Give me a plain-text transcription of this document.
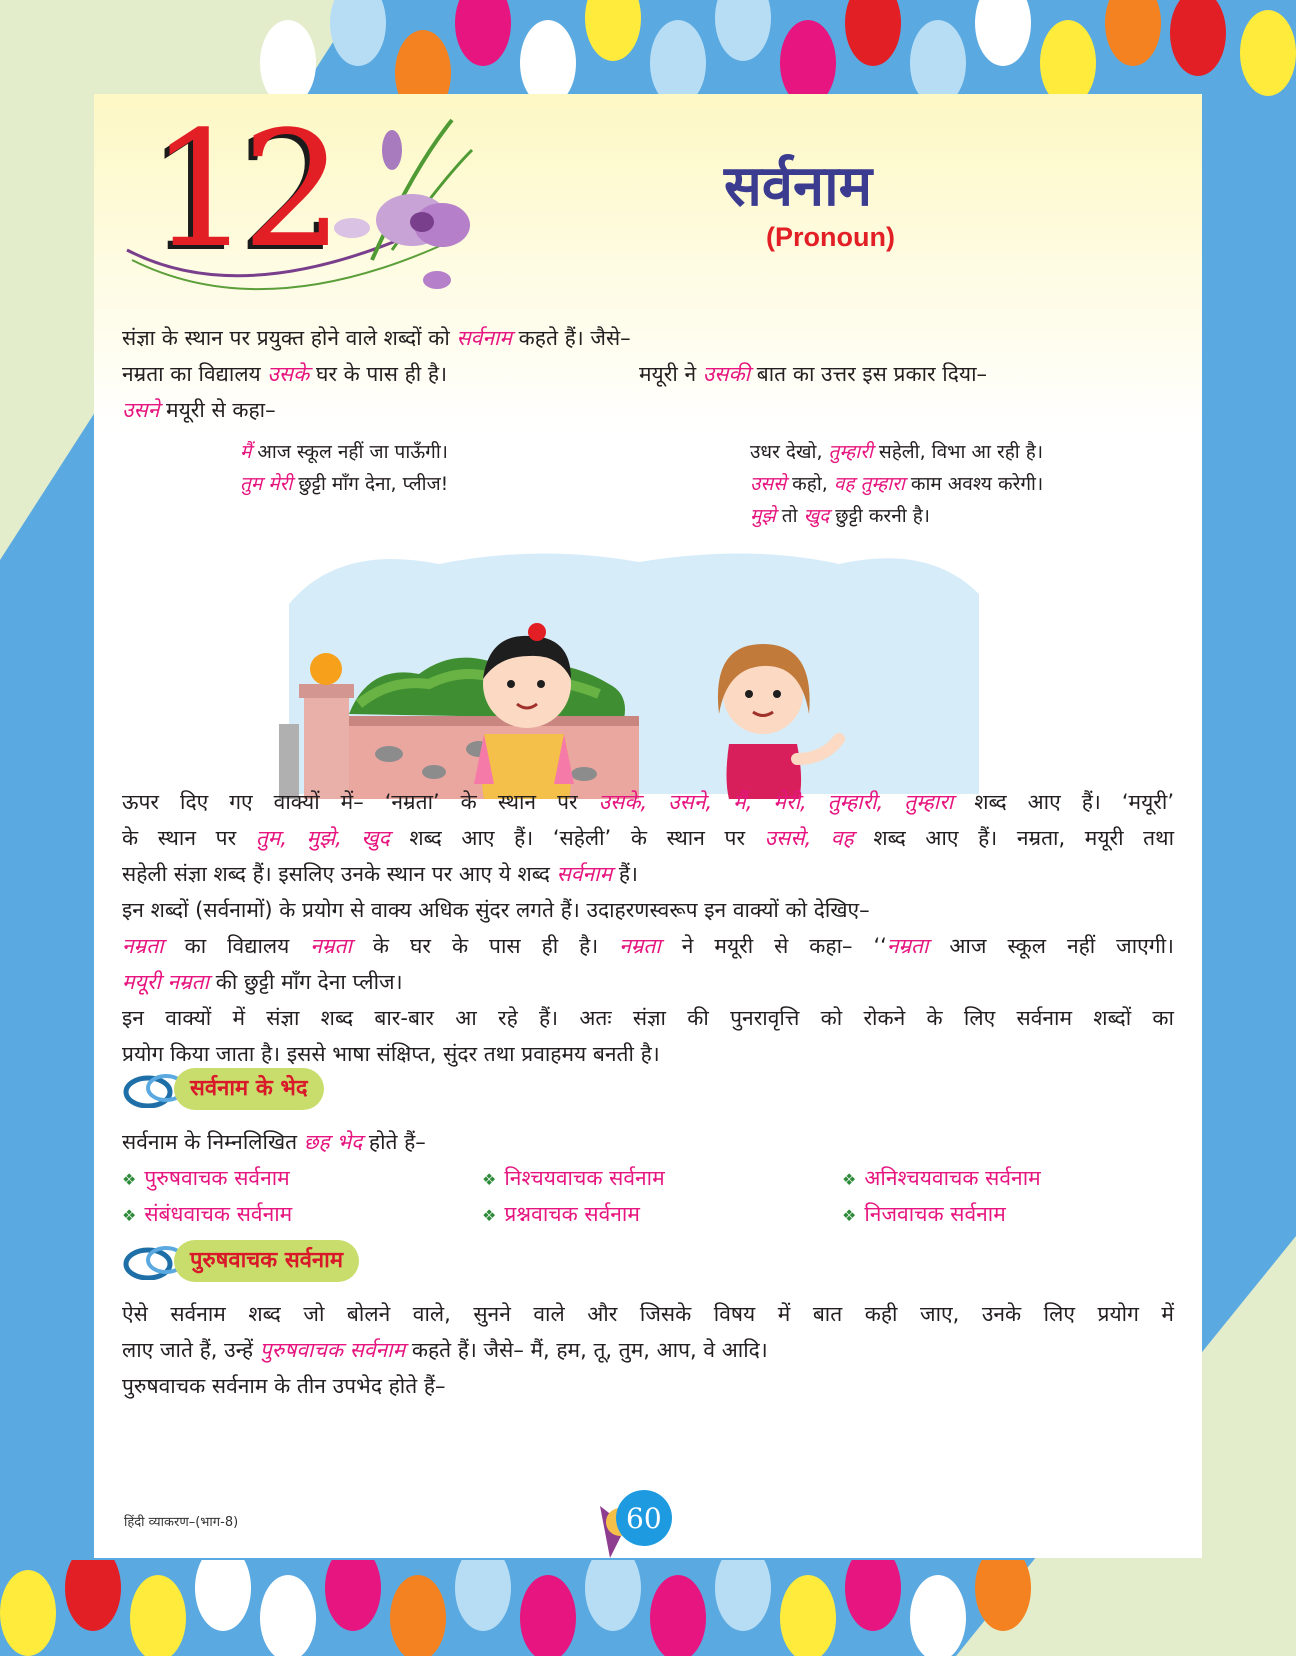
12	सर्वनाम
(Pronoun)
संज्ञा के स्थान पर प्रयुक्त होने वाले शब्दों को सर्वनाम कहते हैं। जैसे–
नम्रता का विद्यालय उसके घर के पास ही है।	मयूरी ने उसकी बात का उत्तर इस प्रकार दिया–
उसने मयूरी से कहा–
मैं आज स्कूल नहीं जा पाऊँगी।
तुम मेरी छुट्टी माँग देना, प्लीज!
उधर देखो, तुम्हारी सहेली, विभा आ रही है।
उससे कहो, वह तुम्हारा काम अवश्य करेगी।
मुझे तो खुद छुट्टी करनी है।
ऊपर दिए गए वाक्यों में– ‘नम्रता’ के स्थान पर उसके, उसने, मैं, मेरी, तुम्हारी, तुम्हारा शब्द आए हैं। ‘मयूरी’
के स्थान पर तुम, मुझे, खुद शब्द आए हैं। ‘सहेली’ के स्थान पर उससे, वह शब्द आए हैं। नम्रता, मयूरी तथा
सहेली संज्ञा शब्द हैं। इसलिए उनके स्थान पर आए ये शब्द सर्वनाम हैं।
इन शब्दों (सर्वनामों) के प्रयोग से वाक्य अधिक सुंदर लगते हैं। उदाहरणस्वरूप इन वाक्यों को देखिए–
नम्रता का विद्यालय नम्रता के घर के पास ही है। नम्रता ने मयूरी से कहा– ‘‘नम्रता आज स्कूल नहीं जाएगी।
मयूरी नम्रता की छुट्टी माँग देना प्लीज।
इन वाक्यों में संज्ञा शब्द बार-बार आ रहे हैं। अतः संज्ञा की पुनरावृत्ति को रोकने के लिए सर्वनाम शब्दों का
प्रयोग किया जाता है। इससे भाषा संक्षिप्त, सुंदर तथा प्रवाहमय बनती है।
सर्वनाम के भेद
सर्वनाम के निम्नलिखित छह भेद होते हैं–
❖ पुरुषवाचक सर्वनाम	❖ निश्चयवाचक सर्वनाम	❖ अनिश्चयवाचक सर्वनाम
❖ संबंधवाचक सर्वनाम	❖ प्रश्नवाचक सर्वनाम	❖ निजवाचक सर्वनाम
पुरुषवाचक सर्वनाम
ऐसे सर्वनाम शब्द जो बोलने वाले, सुनने वाले और जिसके विषय में बात कही जाए, उनके लिए प्रयोग में
लाए जाते हैं, उन्हें पुरुषवाचक सर्वनाम कहते हैं। जैसे– मैं, हम, तू, तुम, आप, वे आदि।
पुरुषवाचक सर्वनाम के तीन उपभेद होते हैं–
हिंदी व्याकरण–(भाग-8)	60
